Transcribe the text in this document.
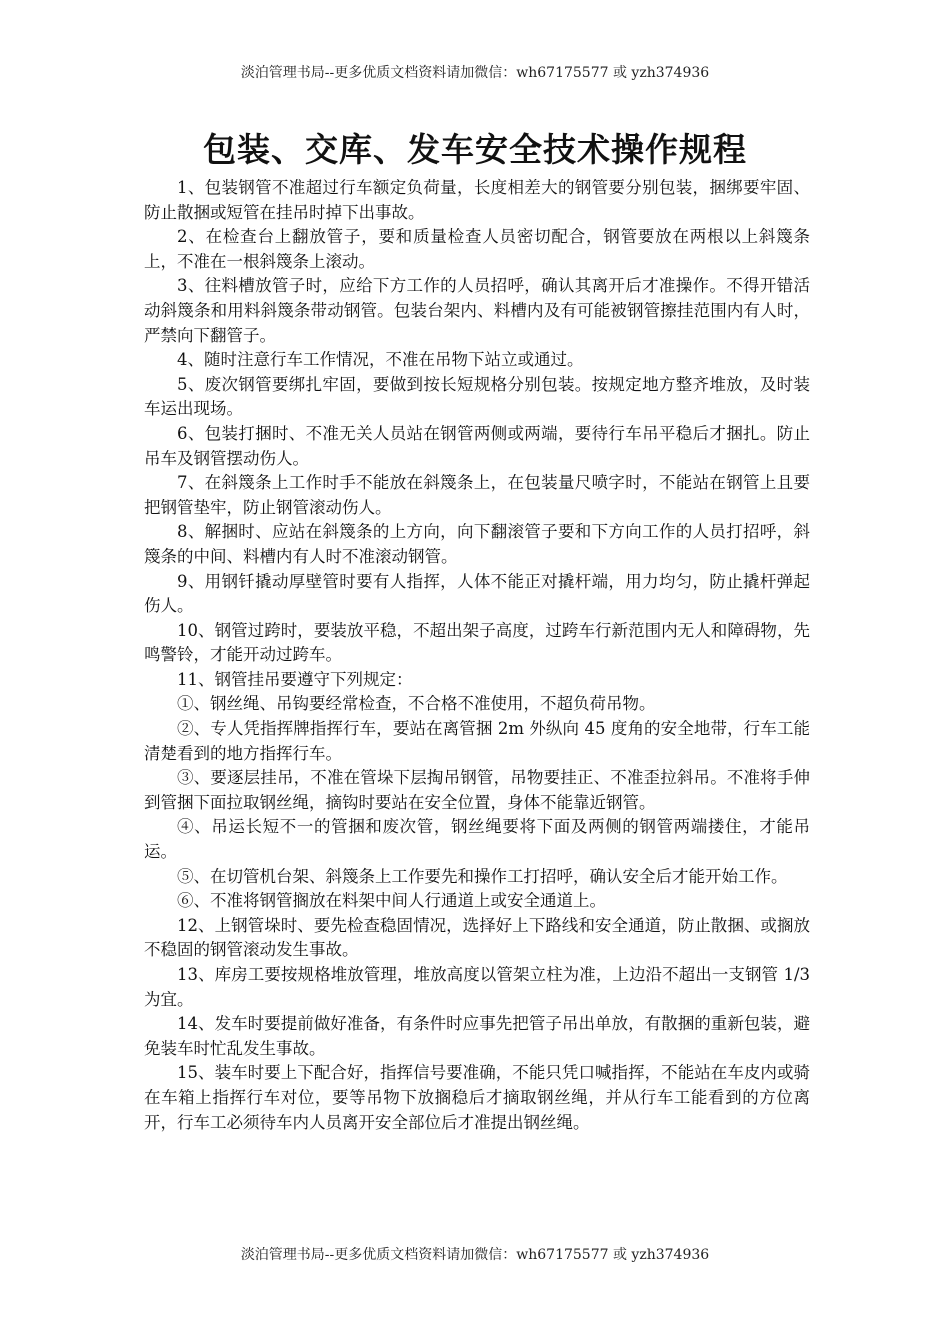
淡泊管理书局--更多优质文档资料请加微信：wh67175577 或 yzh374936
包装、交库、发车安全技术操作规程

1、包装钢管不准超过行车额定负荷量，长度相差大的钢管要分别包装，捆绑要牢固、防止散捆或短管在挂吊时掉下出事故。

2、在检查台上翻放管子，要和质量检查人员密切配合，钢管要放在两根以上斜篾条上，不准在一根斜篾条上滚动。

3、往料槽放管子时，应给下方工作的人员招呼，确认其离开后才准操作。不得开错活动斜篾条和用料斜篾条带动钢管。包装台架内、料槽内及有可能被钢管擦挂范围内有人时，严禁向下翻管子。

4、随时注意行车工作情况，不准在吊物下站立或通过。

5、废次钢管要绑扎牢固，要做到按长短规格分别包装。按规定地方整齐堆放，及时装车运出现场。

6、包装打捆时、不准无关人员站在钢管两侧或两端，要待行车吊平稳后才捆扎。防止吊车及钢管摆动伤人。

7、在斜篾条上工作时手不能放在斜篾条上，在包装量尺喷字时，不能站在钢管上且要把钢管垫牢，防止钢管滚动伤人。

8、解捆时、应站在斜篾条的上方向，向下翻滚管子要和下方向工作的人员打招呼，斜篾条的中间、料槽内有人时不准滚动钢管。

9、用钢钎撬动厚壁管时要有人指挥，人体不能正对撬杆端，用力均匀，防止撬杆弹起伤人。

10、钢管过跨时，要装放平稳，不超出架子高度，过跨车行新范围内无人和障碍物，先鸣警铃，才能开动过跨车。

11、钢管挂吊要遵守下列规定：

①、钢丝绳、吊钩要经常检查，不合格不准使用，不超负荷吊物。

②、专人凭指挥牌指挥行车，要站在离管捆 2m 外纵向 45 度角的安全地带，行车工能清楚看到的地方指挥行车。

③、要逐层挂吊，不准在管垛下层掏吊钢管，吊物要挂正、不准歪拉斜吊。不准将手伸到管捆下面拉取钢丝绳，摘钩时要站在安全位置，身体不能靠近钢管。

④、吊运长短不一的管捆和废次管，钢丝绳要将下面及两侧的钢管两端搂住，才能吊运。

⑤、在切管机台架、斜篾条上工作要先和操作工打招呼，确认安全后才能开始工作。

⑥、不准将钢管搁放在料架中间人行通道上或安全通道上。

12、上钢管垛时、要先检查稳固情况，选择好上下路线和安全通道，防止散捆、或搁放不稳固的钢管滚动发生事故。

13、库房工要按规格堆放管理，堆放高度以管架立柱为准，上边沿不超出一支钢管 1/3 为宜。

14、发车时要提前做好准备，有条件时应事先把管子吊出单放，有散捆的重新包装，避免装车时忙乱发生事故。

15、装车时要上下配合好，指挥信号要准确，不能只凭口喊指挥，不能站在车皮内或骑在车箱上指挥行车对位，要等吊物下放搁稳后才摘取钢丝绳，并从行车工能看到的方位离开，行车工必须待车内人员离开安全部位后才准提出钢丝绳。

淡泊管理书局--更多优质文档资料请加微信：wh67175577 或 yzh374936
